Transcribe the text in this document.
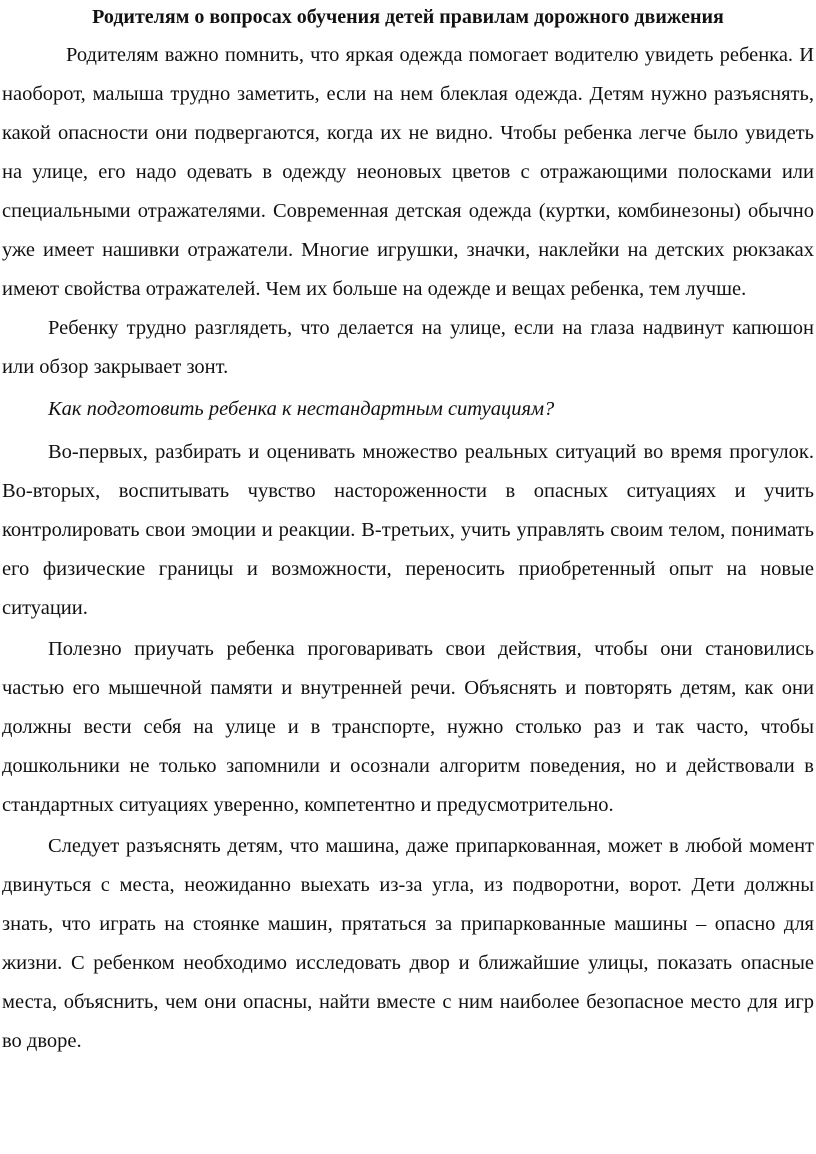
Родителям о вопросах обучения детей правилам дорожного движения

Родителям важно помнить, что яркая одежда помогает водителю увидеть ребенка. И наоборот, малыша трудно заметить, если на нем блеклая одежда. Детям нужно разъяснять, какой опасности они подвергаются, когда их не видно. Чтобы ребенка легче было увидеть на улице, его надо одевать в одежду неоновых цветов с отражающими полосками или специальными отражателями. Современная детская одежда (куртки, комбинезоны) обычно уже имеет нашивки отражатели. Многие игрушки, значки, наклейки на детских рюкзаках имеют свойства отражателей. Чем их больше на одежде и вещах ребенка, тем лучше.

Ребенку трудно разглядеть, что делается на улице, если на глаза надвинут капюшон или обзор закрывает зонт.

Как подготовить ребенка к нестандартным ситуациям?

Во-первых, разбирать и оценивать множество реальных ситуаций во время прогулок. Во-вторых, воспитывать чувство настороженности в опасных ситуациях и учить контролировать свои эмоции и реакции. В-третьих, учить управлять своим телом, понимать его физические границы и возможности, переносить приобретенный опыт на новые ситуации.

Полезно приучать ребенка проговаривать свои действия, чтобы они становились частью его мышечной памяти и внутренней речи. Объяснять и повторять детям, как они должны вести себя на улице и в транспорте, нужно столько раз и так часто, чтобы дошкольники не только запомнили и осознали алгоритм поведения, но и действовали в стандартных ситуациях уверенно, компетентно и предусмотрительно.

Следует разъяснять детям, что машина, даже припаркованная, может в любой момент двинуться с места, неожиданно выехать из-за угла, из подворотни, ворот. Дети должны знать, что играть на стоянке машин, прятаться за припаркованные машины – опасно для жизни. С ребенком необходимо исследовать двор и ближайшие улицы, показать опасные места, объяснить, чем они опасны, найти вместе с ним наиболее безопасное место для игр во дворе.
